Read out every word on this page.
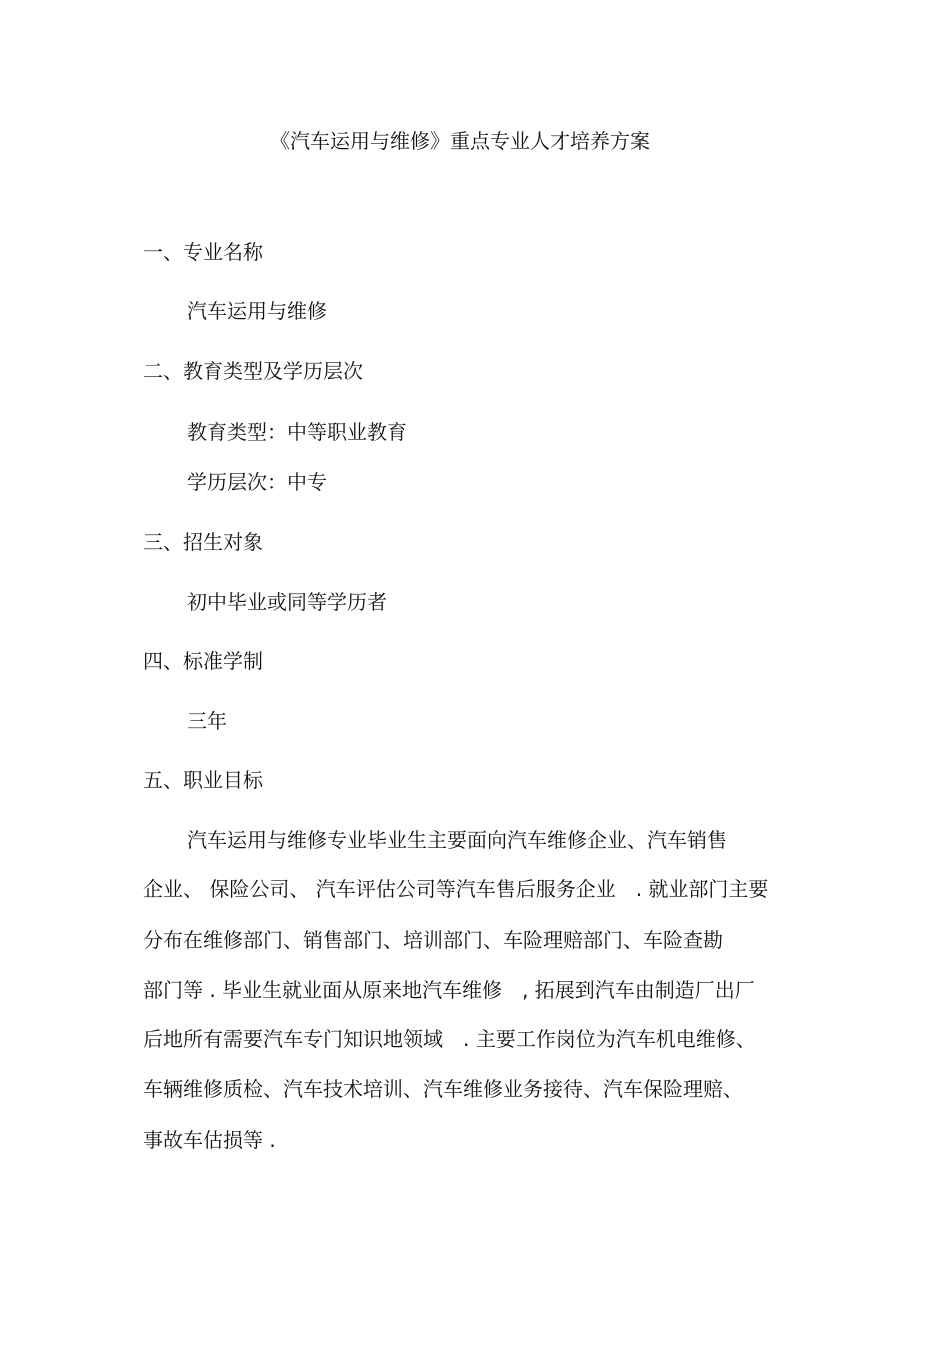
《汽车运用与维修》重点专业人才培养方案
一、专业名称
汽车运用与维修
二、教育类型及学历层次
教育类型：中等职业教育
学历层次：中专
三、招生对象
初中毕业或同等学历者
四、标准学制
三年
五、职业目标
汽车运用与维修专业毕业生主要面向汽车维修企业、汽车销售
企业、 保险公司、 汽车评估公司等汽车售后服务企业　. 就业部门主要
分布在维修部门、销售部门、培训部门、车险理赔部门、车险查勘
部门等 . 毕业生就业面从原来地汽车维修　, 拓展到汽车由制造厂出厂
后地所有需要汽车专门知识地领域　. 主要工作岗位为汽车机电维修、
车辆维修质检、汽车技术培训、汽车维修业务接待、汽车保险理赔、
事故车估损等 .
